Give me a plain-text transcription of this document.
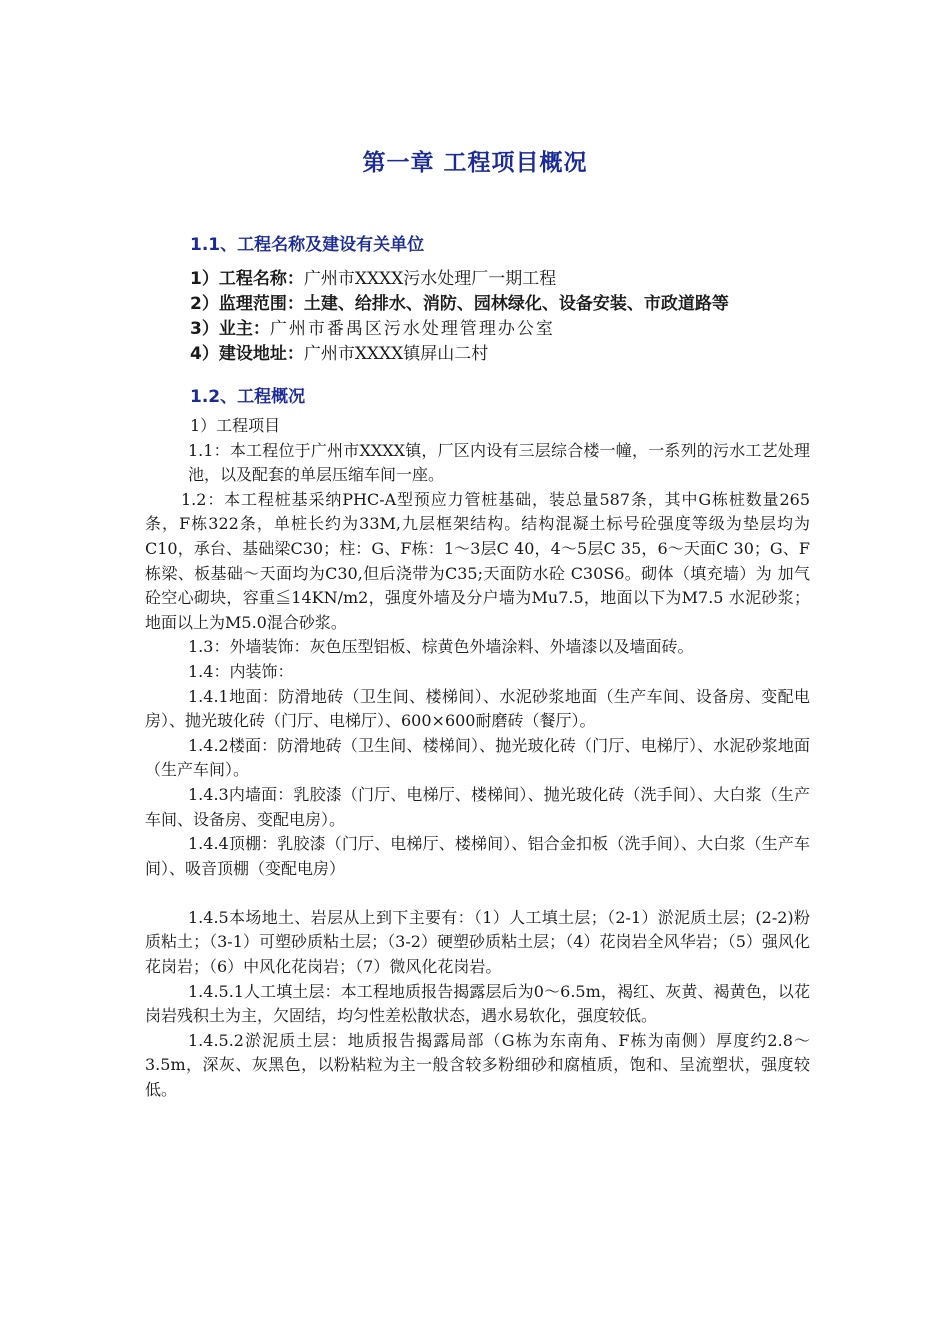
第一章 工程项目概况
1.1、工程名称及建设有关单位
1）工程名称：广州市XXXX污水处理厂一期工程
2）监理范围：土建、给排水、消防、园林绿化、设备安装、市政道路等
3）业主：广州市番禺区污水处理管理办公室
4）建设地址：广州市XXXX镇屏山二村
1.2、工程概况

1）工程项目

1.1：本工程位于广州市XXXX镇，厂区内设有三层综合楼一幢，一系列的污水工艺处理池，以及配套的单层压缩车间一座。

1.2：本工程桩基采纳PHC-A型预应力管桩基础，装总量587条，其中G栋桩数量265条，F栋322条，单桩长约为33M,九层框架结构。结构混凝土标号砼强度等级为垫层均为C10，承台、基础梁C30；柱：G、F栋：1～3层C 40，4～5层C 35，6～天面C 30；G、F栋梁、板基础～天面均为C30,但后浇带为C35;天面防水砼 C30S6。砌体（填充墙）为 加气砼空心砌块，容重≦14KN/m2，强度外墙及分户墙为Mu7.5，地面以下为M7.5 水泥砂浆；地面以上为M5.0混合砂浆。

1.3：外墙装饰：灰色压型铝板、棕黄色外墙涂料、外墙漆以及墙面砖。

1.4：内装饰：

1.4.1地面：防滑地砖（卫生间、楼梯间）、水泥砂浆地面（生产车间、设备房、变配电房）、抛光玻化砖（门厅、电梯厅）、600×600耐磨砖（餐厅）。

1.4.2楼面：防滑地砖（卫生间、楼梯间）、抛光玻化砖（门厅、电梯厅）、水泥砂浆地面（生产车间）。

1.4.3内墙面：乳胶漆（门厅、电梯厅、楼梯间）、抛光玻化砖（洗手间）、大白浆（生产车间、设备房、变配电房）。

1.4.4顶棚：乳胶漆（门厅、电梯厅、楼梯间）、铝合金扣板（洗手间）、大白浆（生产车间）、吸音顶棚（变配电房）

1.4.5本场地土、岩层从上到下主要有：（1）人工填土层；（2-1）淤泥质土层；(2-2)粉质粘土；（3-1）可塑砂质粘土层；（3-2）硬塑砂质粘土层；（4）花岗岩全风华岩；（5）强风化花岗岩；（6）中风化花岗岩；（7）微风化花岗岩。

1.4.5.1人工填土层：本工程地质报告揭露层后为0～6.5m，褐红、灰黄、褐黄色，以花岗岩残积土为主，欠固结，均匀性差松散状态，遇水易软化，强度较低。

1.4.5.2淤泥质土层：地质报告揭露局部（G栋为东南角、F栋为南侧）厚度约2.8～3.5m，深灰、灰黑色，以粉粘粒为主一般含较多粉细砂和腐植质，饱和、呈流塑状，强度较低。
